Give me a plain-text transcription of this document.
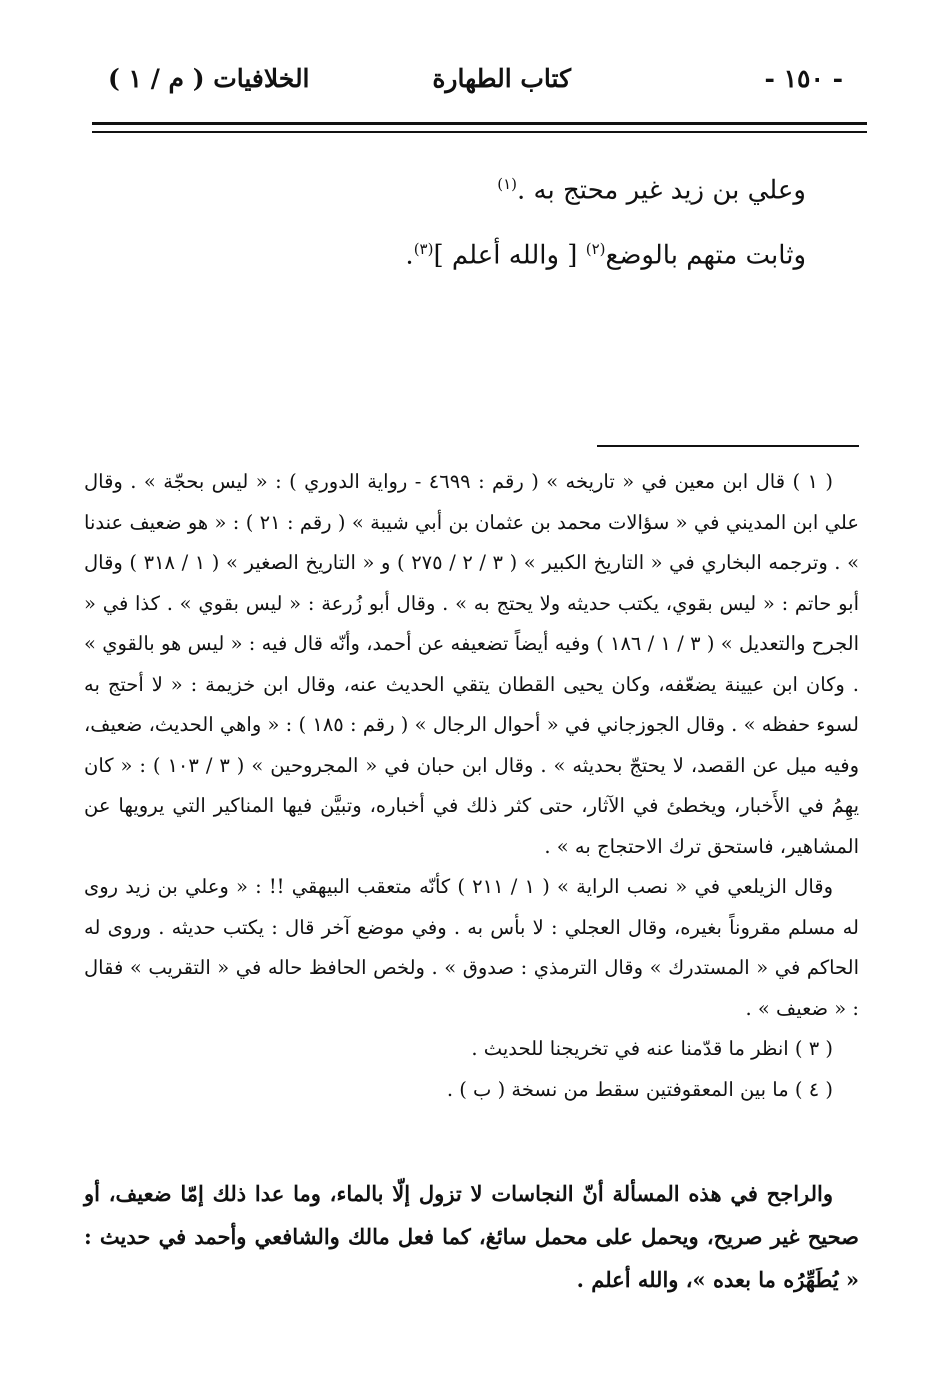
- ١٥٠ -
كتاب الطهارة
الخلافيات ( م / ١ )

وعلي بن زيد غير محتج به .$^{(١)}$

وثابت متهم بالوضع$^{(٢)}$ [ والله أعلم ]$^{(٣)}$.

( ١ ) قال ابن معين في « تاريخه » ( رقم : ٤٦٩٩ - رواية الدوري ) : « ليس بحجّة » . وقال علي ابن المديني في « سؤالات محمد بن عثمان بن أبي شيبة » ( رقم : ٢١ ) : « هو ضعيف عندنا » . وترجمه البخاري في « التاريخ الكبير » ( ٣ / ٢ / ٢٧٥ ) و « التاريخ الصغير » ( ١ / ٣١٨ ) وقال أبو حاتم : « ليس بقوي، يكتب حديثه ولا يحتج به » . وقال أبو زُرعة : « ليس بقوي » . كذا في « الجرح والتعديل » ( ٣ / ١ / ١٨٦ ) وفيه أيضاً تضعيفه عن أحمد، وأنّه قال فيه : « ليس هو بالقوي » . وكان ابن عيينة يضعّفه، وكان يحيى القطان يتقي الحديث عنه، وقال ابن خزيمة : « لا أحتج به لسوء حفظه » . وقال الجوزجاني في « أحوال الرجال » ( رقم : ١٨٥ ) : « واهي الحديث، ضعيف، وفيه ميل عن القصد، لا يحتجّ بحديثه » . وقال ابن حبان في « المجروحين » ( ٣ / ١٠٣ ) : « كان يهِمُ في الأَخبار، ويخطئ في الآثار، حتى كثر ذلك في أخباره، وتبيَّن فيها المناكير التي يرويها عن المشاهير، فاستحق ترك الاحتجاج به » .

وقال الزيلعي في « نصب الراية » ( ١ / ٢١١ ) كأنّه متعقب البيهقي !! : « وعلي بن زيد روى له مسلم مقروناً بغيره، وقال العجلي : لا بأس به . وفي موضع آخر قال : يكتب حديثه . وروى له الحاكم في « المستدرك » وقال الترمذي : صدوق » . ولخص الحافظ حاله في « التقريب » فقال : « ضعيف » .

( ٣ ) انظر ما قدّمنا عنه في تخريجنا للحديث .

( ٤ ) ما بين المعقوفتين سقط من نسخة ( ب ) .

والراجح في هذه المسألة أنّ النجاسات لا تزول إلّا بالماء، وما عدا ذلك إمّا ضعيف، أو صحيح غير صريح، ويحمل على محمل سائغ، كما فعل مالك والشافعي وأحمد في حديث : « يُطَهِّرُه ما بعده »، والله أعلم .
